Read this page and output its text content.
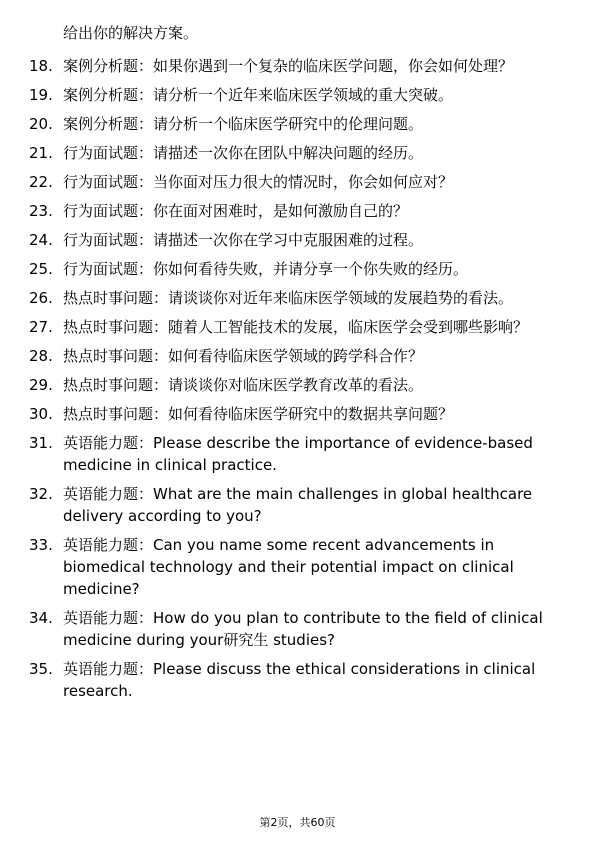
给出你的解决方案。
18. 案例分析题：如果你遇到一个复杂的临床医学问题，你会如何处理？
19. 案例分析题：请分析一个近年来临床医学领域的重大突破。
20. 案例分析题：请分析一个临床医学研究中的伦理问题。
21. 行为面试题：请描述一次你在团队中解决问题的经历。
22. 行为面试题：当你面对压力很大的情况时，你会如何应对？
23. 行为面试题：你在面对困难时，是如何激励自己的？
24. 行为面试题：请描述一次你在学习中克服困难的过程。
25. 行为面试题：你如何看待失败，并请分享一个你失败的经历。
26. 热点时事问题：请谈谈你对近年来临床医学领域的发展趋势的看法。
27. 热点时事问题：随着人工智能技术的发展，临床医学会受到哪些影响？
28. 热点时事问题：如何看待临床医学领域的跨学科合作？
29. 热点时事问题：请谈谈你对临床医学教育改革的看法。
30. 热点时事问题：如何看待临床医学研究中的数据共享问题？
31. 英语能力题：Please describe the importance of evidence-based medicine in clinical practice.
32. 英语能力题：What are the main challenges in global healthcare delivery according to you?
33. 英语能力题：Can you name some recent advancements in biomedical technology and their potential impact on clinical medicine?
34. 英语能力题：How do you plan to contribute to the field of clinical medicine during your研究生 studies?
35. 英语能力题：Please discuss the ethical considerations in clinical research.
第2页，共60页
